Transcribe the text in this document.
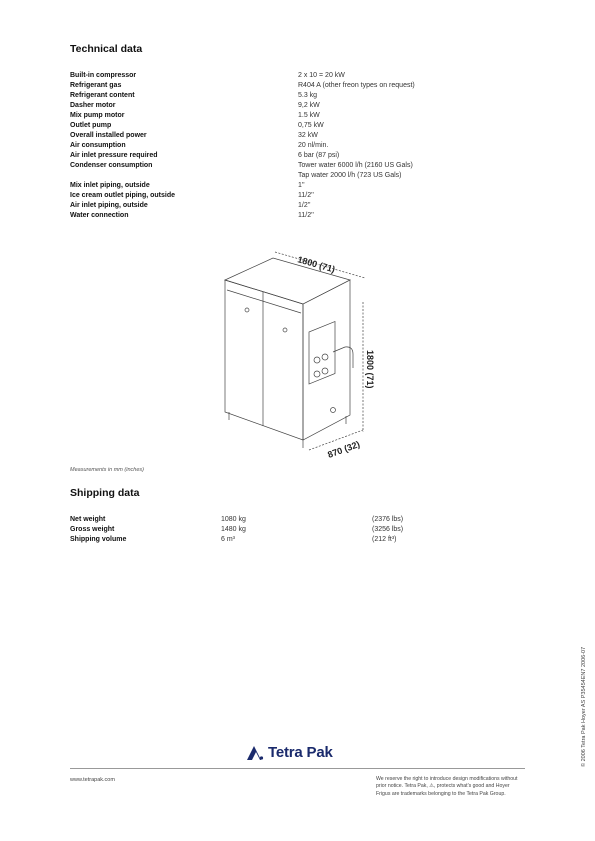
Technical data
Built-in compressor	2 x 10 = 20 kW
Refrigerant gas	R404 A (other freon types on request)
Refrigerant content	5.3 kg
Dasher motor	9,2 kW
Mix pump motor	1.5 kW
Outlet pump	0,75 kW
Overall installed power	32 kW
Air consumption	20 nl/min.
Air inlet pressure required	6 bar (87 psi)
Condenser consumption	Tower water 6000 l/h (2160 US Gals)
Tap water 2000 l/h (723 US Gals)
Mix inlet piping, outside	1''
Ice cream outlet piping, outside	11/2''
Air inlet piping, outside	1/2''
Water connection	11/2''
1800 (71)
1800 (71)
870 (32)
Measurements in mm (inches)
Shipping data
Net weight	1080 kg	(2376 lbs)
Gross weight	1480 kg	(3256 lbs)
Shipping volume	6 m³	(212 ft³)
© 2006 Tetra Pak Hoyer AS P35454EN7 2006-07
Tetra Pak
www.tetrapak.com	We reserve the right to introduce design modifications without
prior notice. Tetra Pak, ⚠, protects what's good and Hoyer
Frigus are trademarks belonging to the Tetra Pak Group.
